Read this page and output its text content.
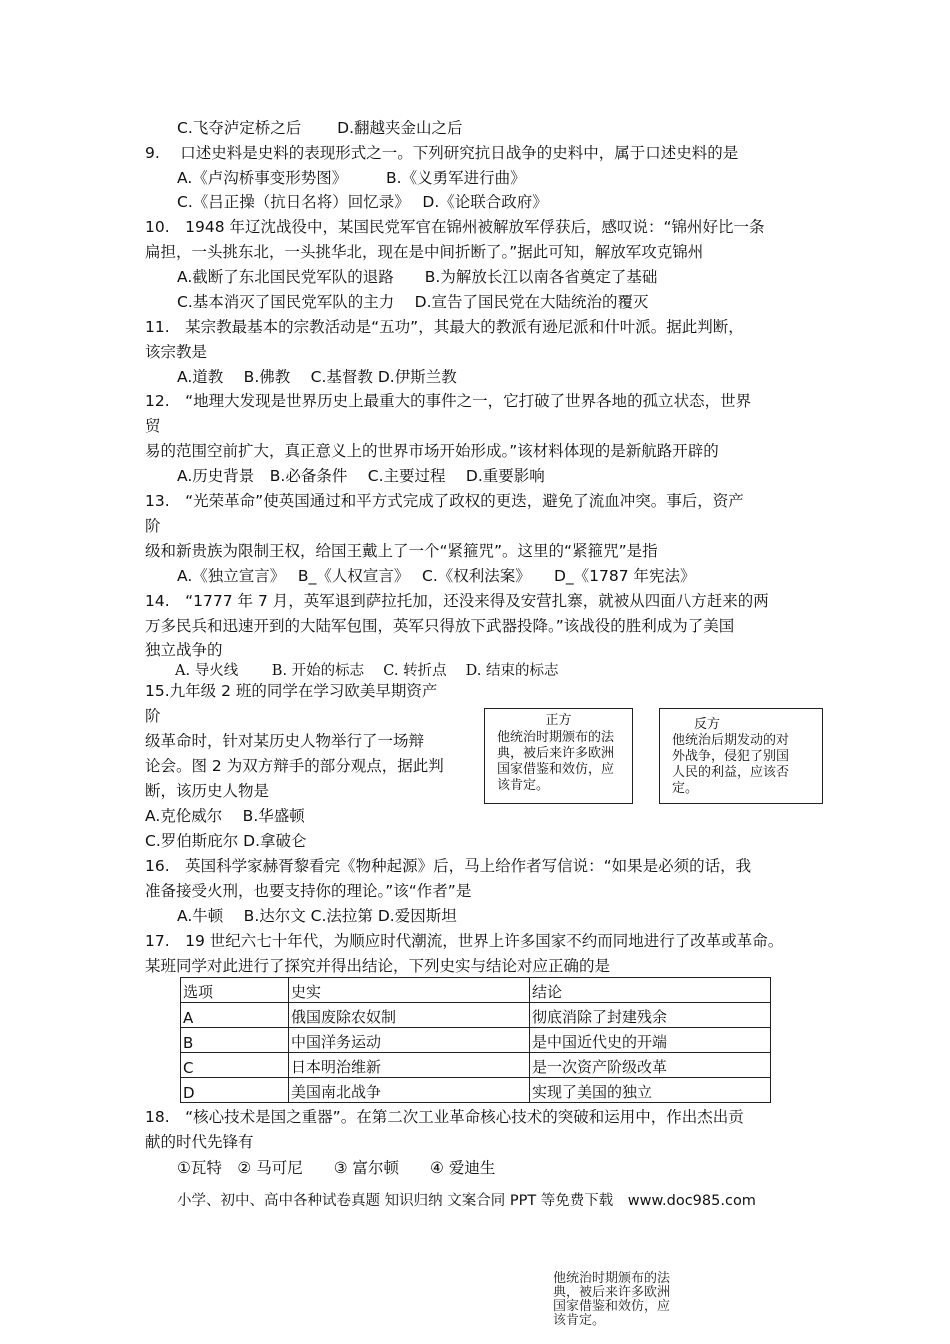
C.飞夺泸定桥之后　　 D.翻越夹金山之后
9.　 口述史料是史料的表现形式之一。下列研究抗日战争的史料中，属于口述史料的是
A.《卢沟桥事变形势图》　　　B.《义勇军进行曲》
C.《吕正操（抗日名将）回忆录》　 D.《论联合政府》
10.　1948 年辽沈战役中，某国民党军官在锦州被解放军俘获后，感叹说：“锦州好比一条
扁担，一头挑东北，一头挑华北，现在是中间折断了。”据此可知，解放军攻克锦州
A.截断了东北国民党军队的退路　　B.为解放长江以南各省奠定了基础
C.基本消灭了国民党军队的主力　 D.宣告了国民党在大陆统治的覆灭
11.　某宗教最基本的宗教活动是“五功”，其最大的教派有逊尼派和什叶派。据此判断，
该宗教是
A.道教　 B.佛教　 C.基督教 D.伊斯兰教
12.　“地理大发现是世界历史上最重大的事件之一，它打破了世界各地的孤立状态，世界
贸
易的范围空前扩大，真正意义上的世界市场开始形成。”该材料体现的是新航路开辟的
A.历史背景　B.必备条件　 C.主要过程　 D.重要影响
13.　“光荣革命”使英国通过和平方式完成了政权的更迭，避免了流血冲突。事后，资产
阶
级和新贵族为限制王权，给国王戴上了一个“紧箍咒”。这里的“紧箍咒”是指
A.《独立宣言》　 B_《人权宣言》　 C.《权利法案》　　D_《1787 年宪法》
14.　“1777 年 7 月，英军退到萨拉托加，还没来得及安营扎寨，就被从四面八方赶来的两
万多民兵和迅速开到的大陆军包围，英军只得放下武器投降。”该战役的胜利成为了美国
独立战争的
A. 导火线　　 B. 开始的标志　 C. 转折点　 D. 结束的标志
15.九年级 2 班的同学在学习欧美早期资产
阶
级革命时，针对某历史人物举行了一场辩
论会。图 2 为双方辩手的部分观点，据此判
断，该历史人物是
A.克伦威尔　 B.华盛顿
C.罗伯斯庇尔 D.拿破仑
正方
他统治时期颁布的法典，被后来许多欧洲国家借鉴和效仿，应该肯定。
反方
他统治后期发动的对外战争，侵犯了别国人民的利益，应该否定。
16.　英国科学家赫胥黎看完《物种起源》后，马上给作者写信说：“如果是必须的话，我
准备接受火刑，也要支持你的理论。”该“作者”是
A.牛顿　 B.达尔文 C.法拉第 D.爱因斯坦
17.　19 世纪六七十年代，为顺应时代潮流，世界上许多国家不约而同地进行了改革或革命。
某班同学对此进行了探究并得出结论，下列史实与结论对应正确的是
选项	史实	结论
A	俄国废除农奴制	彻底消除了封建残余
B	中国洋务运动	是中国近代史的开端
C	日本明治维新	是一次资产阶级改革
D	美国南北战争	实现了美国的独立
18.　“核心技术是国之重器”。在第二次工业革命核心技术的突破和运用中，作出杰出贡
献的时代先锋有
①瓦特　② 马可尼　　③ 富尔顿　　④ 爱迪生
小学、初中、高中各种试卷真题 知识归纳 文案合同 PPT 等免费下载　www.doc985.com
他统治时期颁布的法典，被后来许多欧洲国家借鉴和效仿，应该肯定。
